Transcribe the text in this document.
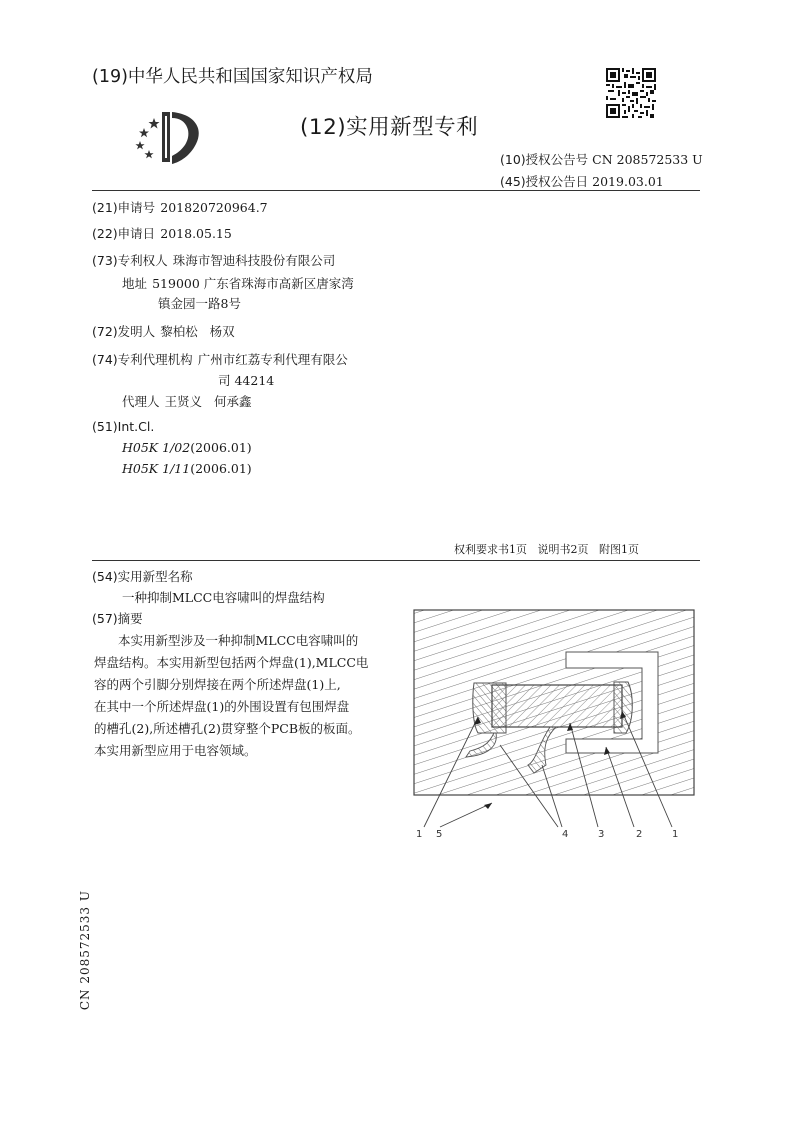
(19)中华人民共和国国家知识产权局
(12)实用新型专利
(10)授权公告号 CN 208572533 U
(45)授权公告日 2019.03.01
(21)申请号 201820720964.7
(22)申请日 2018.05.15
(73)专利权人 珠海市智迪科技股份有限公司
地址 519000 广东省珠海市高新区唐家湾
镇金园一路8号
(72)发明人 黎柏松   杨双
(74)专利代理机构 广州市红荔专利代理有限公
司 44214
代理人 王贤义   何承鑫
(51)Int.Cl.
H05K 1/02(2006.01)
H05K 1/11(2006.01)
权利要求书1页   说明书2页   附图1页
(54)实用新型名称
一种抑制MLCC电容啸叫的焊盘结构
(57)摘要
本实用新型涉及一种抑制MLCC电容啸叫的
焊盘结构。本实用新型包括两个焊盘(1),MLCC电
容的两个引脚分别焊接在两个所述焊盘(1)上,
在其中一个所述焊盘(1)的外围设置有包围焊盘
的槽孔(2),所述槽孔(2)贯穿整个PCB板的板面。
本实用新型应用于电容领域。
1 5	4	3	2	1
CN 208572533 U
